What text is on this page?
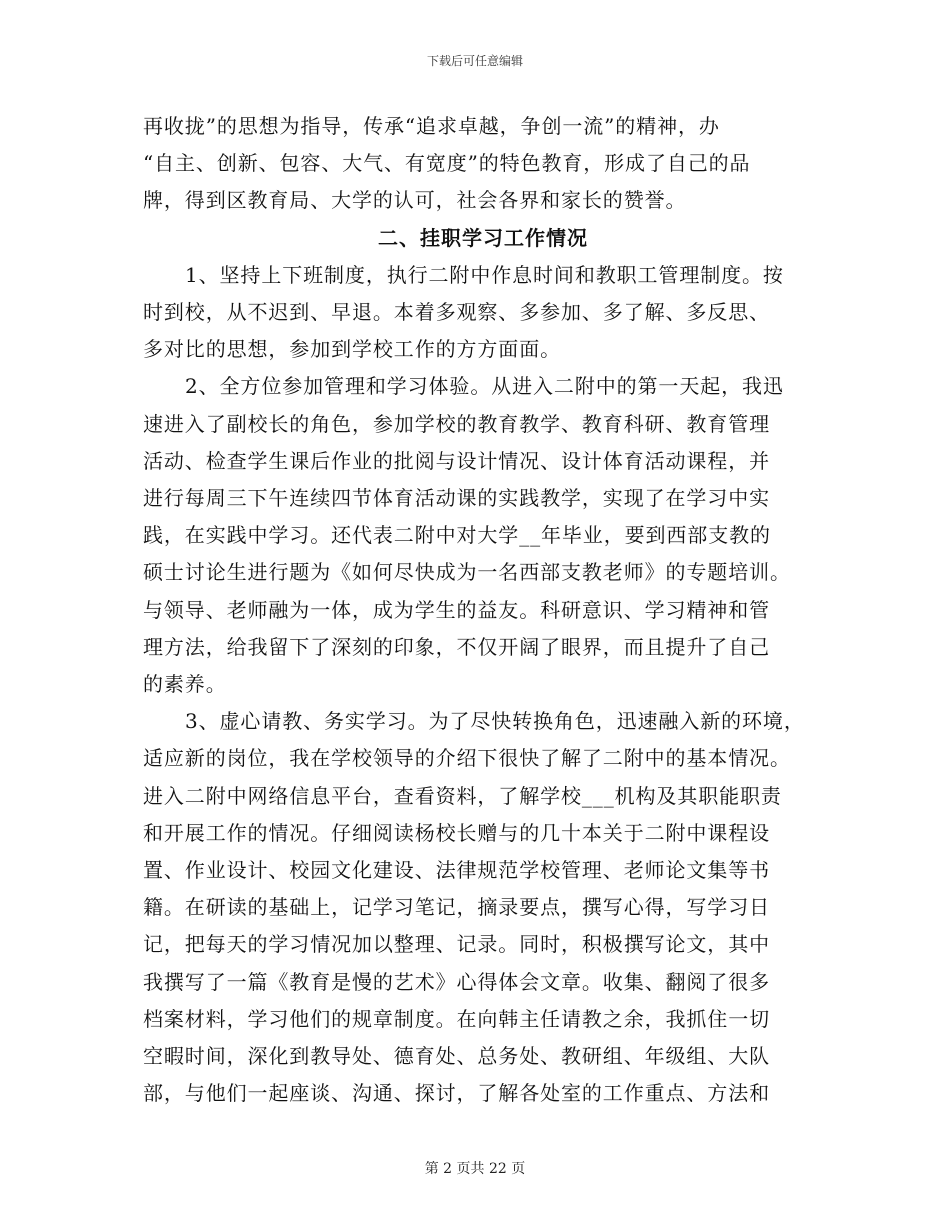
下载后可任意编辑
再收拢”的思想为指导，传承“追求卓越，争创一流”的精神，办
“自主、创新、包容、大气、有宽度”的特色教育，形成了自己的品
牌，得到区教育局、大学的认可，社会各界和家长的赞誉。
二、挂职学习工作情况
1、坚持上下班制度，执行二附中作息时间和教职工管理制度。按
时到校，从不迟到、早退。本着多观察、多参加、多了解、多反思、
多对比的思想，参加到学校工作的方方面面。
2、全方位参加管理和学习体验。从进入二附中的第一天起，我迅
速进入了副校长的角色，参加学校的教育教学、教育科研、教育管理
活动、检查学生课后作业的批阅与设计情况、设计体育活动课程，并
进行每周三下午连续四节体育活动课的实践教学，实现了在学习中实
践，在实践中学习。还代表二附中对大学__年毕业，要到西部支教的
硕士讨论生进行题为《如何尽快成为一名西部支教老师》的专题培训。
与领导、老师融为一体，成为学生的益友。科研意识、学习精神和管
理方法，给我留下了深刻的印象，不仅开阔了眼界，而且提升了自己
的素养。
3、虚心请教、务实学习。为了尽快转换角色，迅速融入新的环境，
适应新的岗位，我在学校领导的介绍下很快了解了二附中的基本情况。
进入二附中网络信息平台，查看资料，了解学校___机构及其职能职责
和开展工作的情况。仔细阅读杨校长赠与的几十本关于二附中课程设
置、作业设计、校园文化建设、法律规范学校管理、老师论文集等书
籍。在研读的基础上，记学习笔记，摘录要点，撰写心得，写学习日
记，把每天的学习情况加以整理、记录。同时，积极撰写论文，其中
我撰写了一篇《教育是慢的艺术》心得体会文章。收集、翻阅了很多
档案材料，学习他们的规章制度。在向韩主任请教之余，我抓住一切
空暇时间，深化到教导处、德育处、总务处、教研组、年级组、大队
部，与他们一起座谈、沟通、探讨，了解各处室的工作重点、方法和
第 2 页共 22 页
